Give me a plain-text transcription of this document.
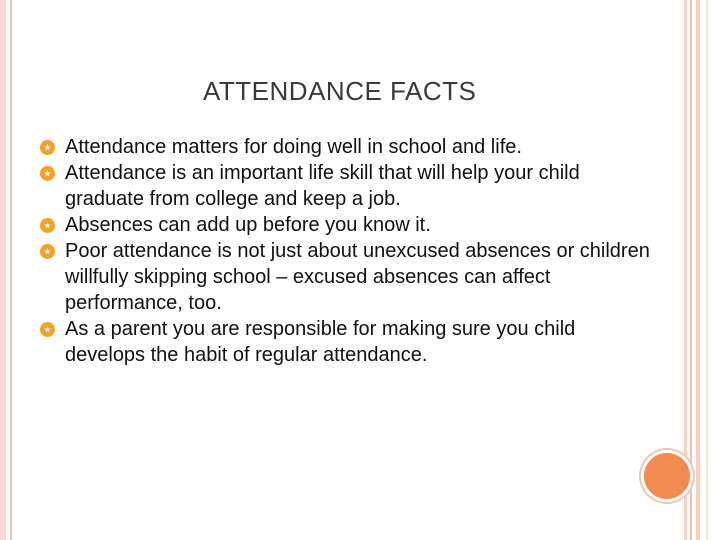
ATTENDANCE FACTS
Attendance matters for doing well in school and life.
Attendance is an important life skill that will help your child graduate from college and keep a job.
Absences can add up before you know it.
Poor attendance is not just about unexcused absences or children willfully skipping school – excused absences can affect performance, too.
As a parent you are responsible for making sure you child develops the habit of regular attendance.
